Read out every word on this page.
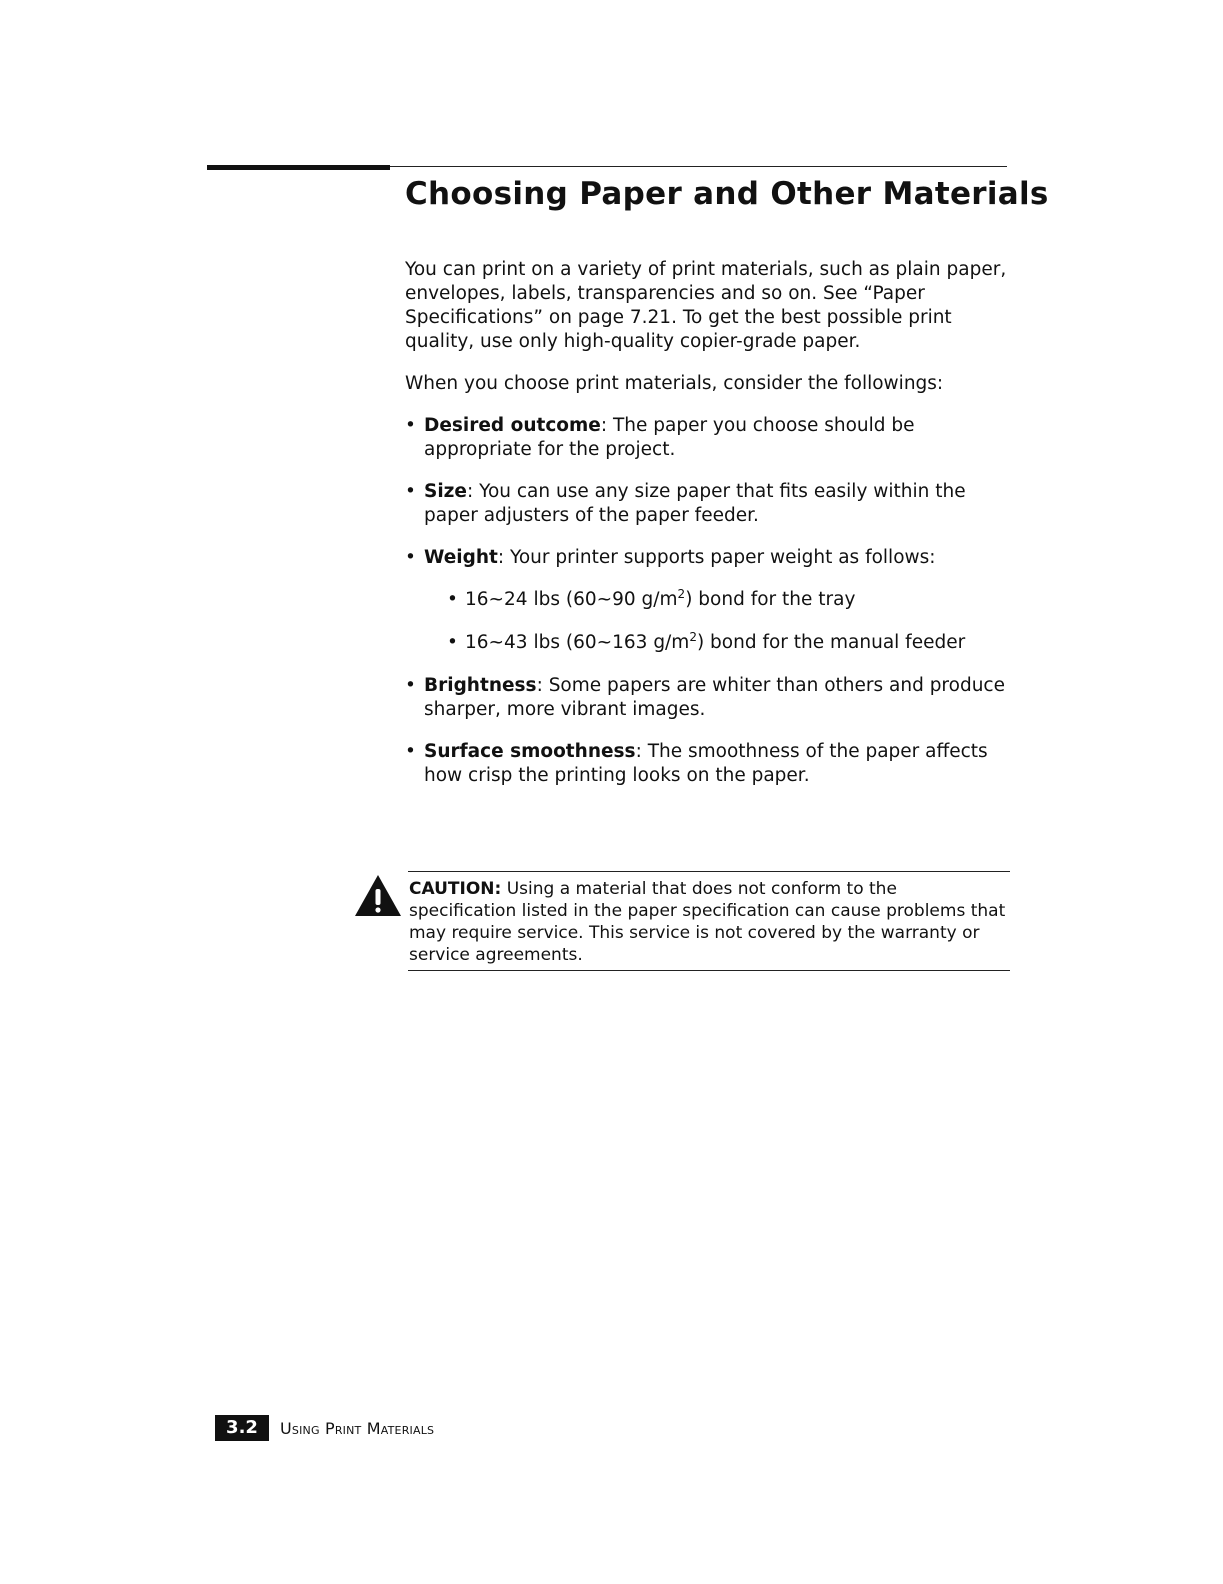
Choosing Paper and Other Materials

You can print on a variety of print materials, such as plain paper, envelopes, labels, transparencies and so on. See “Paper Specifications” on page 7.21. To get the best possible print quality, use only high-quality copier-grade paper.

When you choose print materials, consider the followings:

• Desired outcome: The paper you choose should be appropriate for the project.
• Size: You can use any size paper that fits easily within the paper adjusters of the paper feeder.
• Weight: Your printer supports paper weight as follows:
• 16~24 lbs (60~90 $g/m^2$) bond for the tray
• 16~43 lbs (60~163 $g/m^2$) bond for the manual feeder
• Brightness: Some papers are whiter than others and produce sharper, more vibrant images.
• Surface smoothness: The smoothness of the paper affects how crisp the printing looks on the paper.
CAUTION: Using a material that does not conform to the specification listed in the paper specification can cause problems that may require service. This service is not covered by the warranty or service agreements.
3.2	Using Print Materials
